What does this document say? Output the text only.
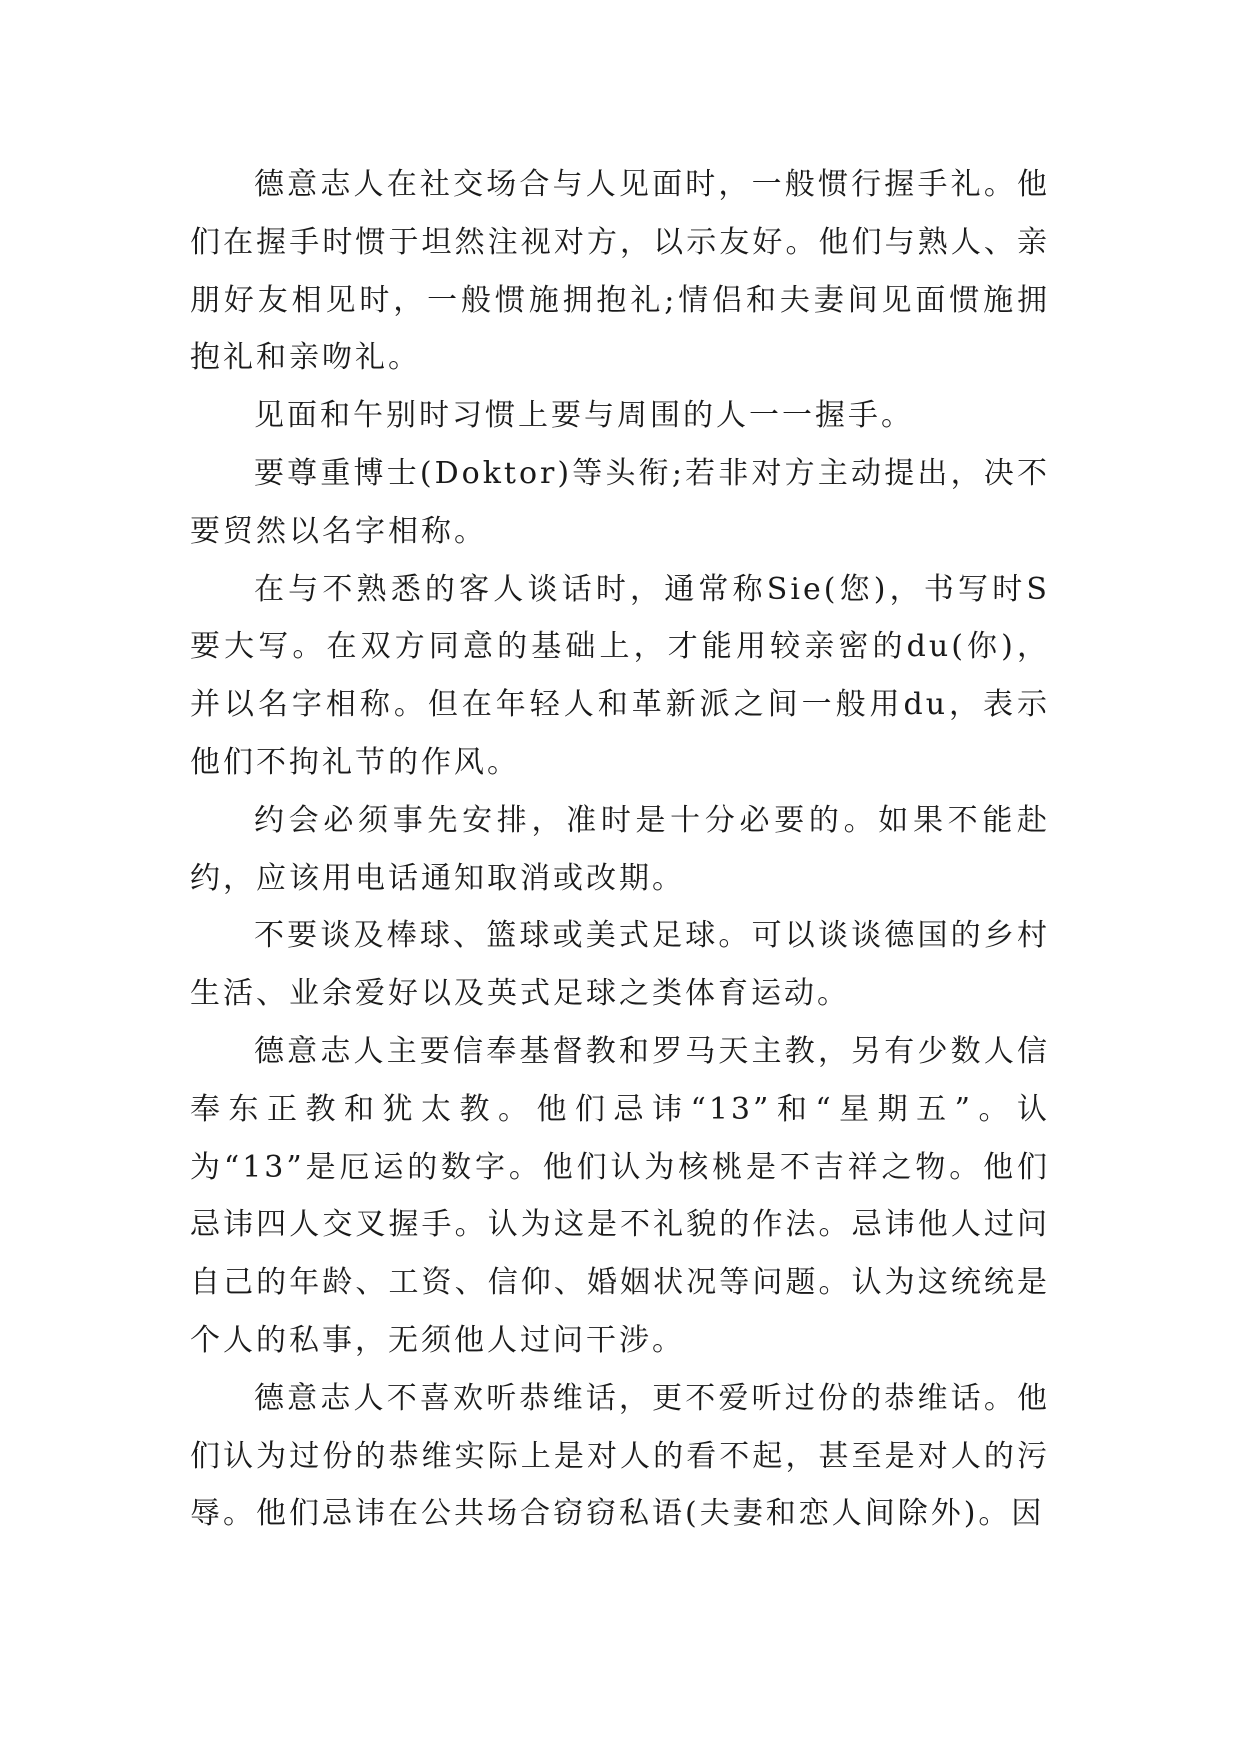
德意志人在社交场合与人见面时，一般惯行握手礼。他们在握手时惯于坦然注视对方，以示友好。他们与熟人、亲朋好友相见时，一般惯施拥抱礼;情侣和夫妻间见面惯施拥抱礼和亲吻礼。

见面和午别时习惯上要与周围的人一一握手。

要尊重博士(Doktor)等头衔;若非对方主动提出，决不要贸然以名字相称。

在与不熟悉的客人谈话时，通常称Sie(您)，书写时S要大写。在双方同意的基础上，才能用较亲密的du(你)，并以名字相称。但在年轻人和革新派之间一般用du，表示他们不拘礼节的作风。

约会必须事先安排，准时是十分必要的。如果不能赴约，应该用电话通知取消或改期。

不要谈及棒球、篮球或美式足球。可以谈谈德国的乡村生活、业余爱好以及英式足球之类体育运动。

德意志人主要信奉基督教和罗马天主教，另有少数人信奉东正教和犹太教。他们忌讳“13”和“星期五”。认为“13”是厄运的数字。他们认为核桃是不吉祥之物。他们忌讳四人交叉握手。认为这是不礼貌的作法。忌讳他人过问自己的年龄、工资、信仰、婚姻状况等问题。认为这统统是个人的私事，无须他人过问干涉。

德意志人不喜欢听恭维话，更不爱听过份的恭维话。他们认为过份的恭维实际上是对人的看不起，甚至是对人的污辱。他们忌讳在公共场合窃窃私语(夫妻和恋人间除外)。因
